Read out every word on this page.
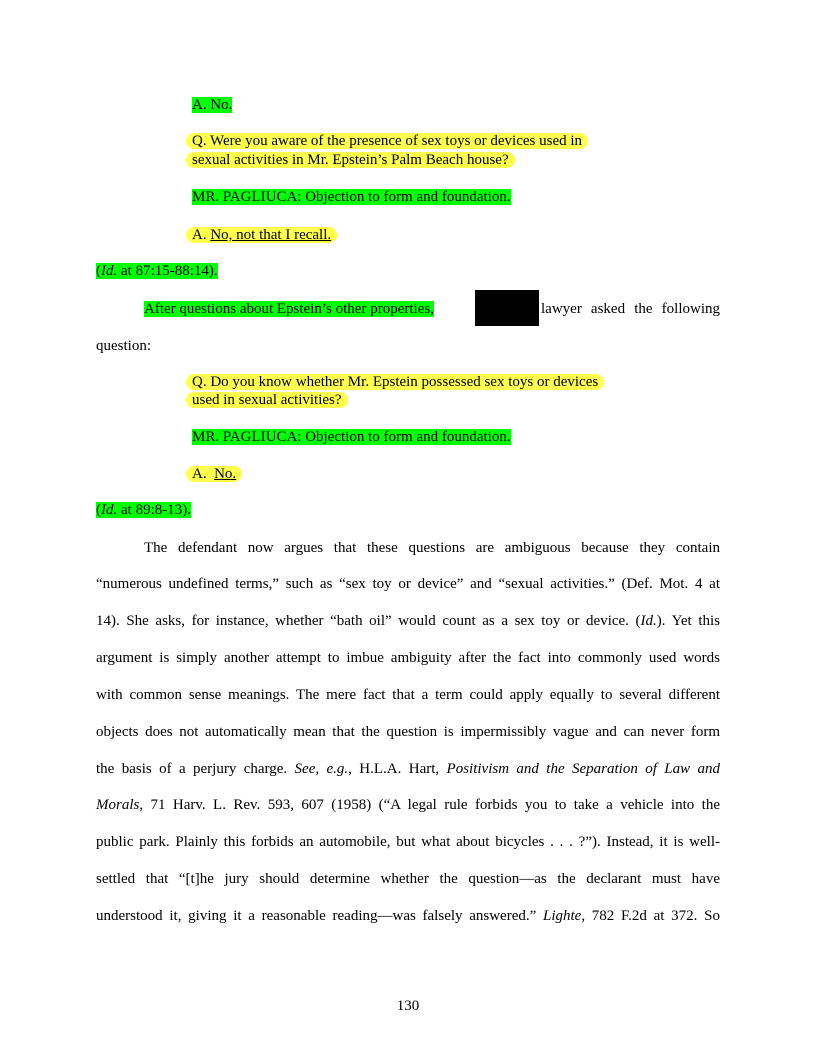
A. No.
Q. Were you aware of the presence of sex toys or devices used in
sexual activities in Mr. Epstein’s Palm Beach house?
MR. PAGLIUCA: Objection to form and foundation.
A. No, not that I recall.
(Id. at 87:15-88:14).
After questions about Epstein’s other properties,	lawyer asked the following
question:
Q. Do you know whether Mr. Epstein possessed sex toys or devices
used in sexual activities?
MR. PAGLIUCA: Objection to form and foundation.
A.  No.
(Id. at 89:8-13).
The defendant now argues that these questions are ambiguous because they contain
“numerous undefined terms,” such as “sex toy or device” and “sexual activities.” (Def. Mot. 4 at
14). She asks, for instance, whether “bath oil” would count as a sex toy or device. (Id.). Yet this
argument is simply another attempt to imbue ambiguity after the fact into commonly used words
with common sense meanings. The mere fact that a term could apply equally to several different
objects does not automatically mean that the question is impermissibly vague and can never form
the basis of a perjury charge. See, e.g., H.L.A. Hart, Positivism and the Separation of Law and
Morals, 71 Harv. L. Rev. 593, 607 (1958) (“A legal rule forbids you to take a vehicle into the
public park. Plainly this forbids an automobile, but what about bicycles . . . ?”). Instead, it is well-
settled that “[t]he jury should determine whether the question—as the declarant must have
understood it, giving it a reasonable reading—was falsely answered.” Lighte, 782 F.2d at 372. So
130
